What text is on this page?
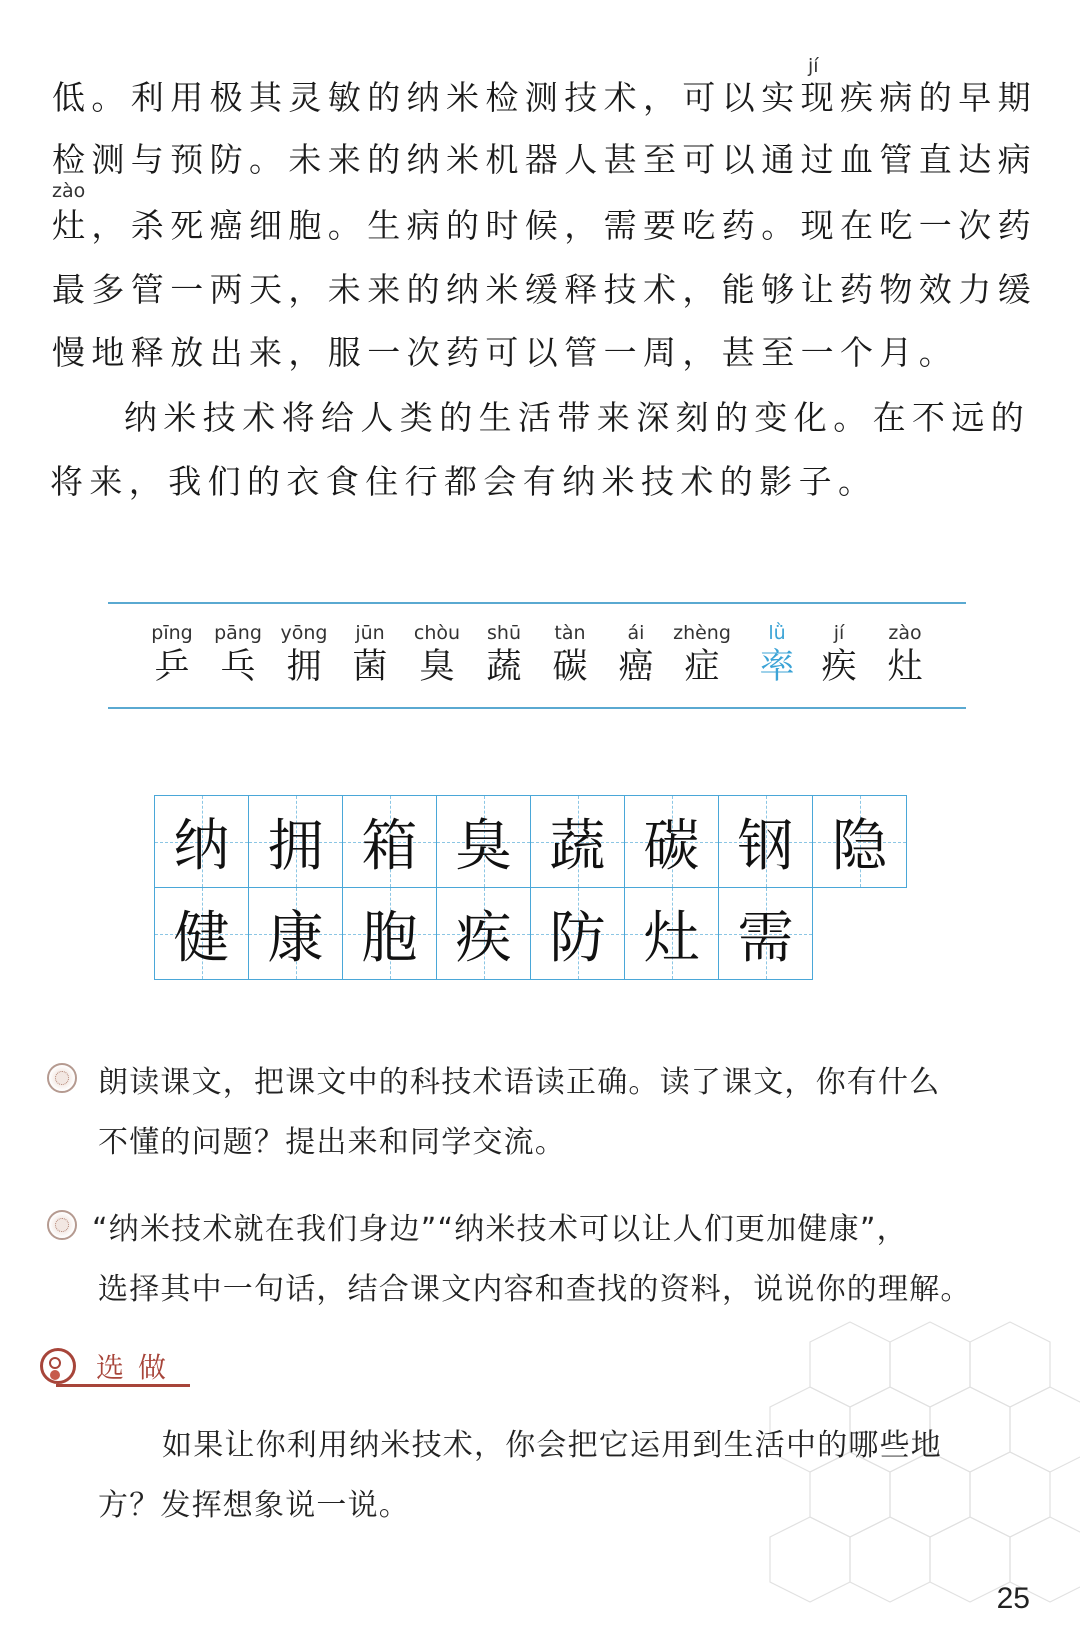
低。利用极其灵敏的纳米检测技术，可以实现疾病的早期
jí
检测与预防。未来的纳米机器人甚至可以通过血管直达病
zào
灶，杀死癌细胞。生病的时候，需要吃药。现在吃一次药
最多管一两天，未来的纳米缓释技术，能够让药物效力缓
慢地释放出来，服一次药可以管一周，甚至一个月。
纳米技术将给人类的生活带来深刻的变化。在不远的
将来，我们的衣食住行都会有纳米技术的影子。
pīng
乒
pāng
乓
yōng
拥
jūn
菌
chòu
臭
shū
蔬
tàn
碳
ái
癌
zhèng
症
lǜ
率
jí
疾
zào
灶
纳 拥 箱 臭 蔬 碳 钢 隐
健 康 胞 疾 防 灶 需
朗读课文，把课文中的科技术语读正确。读了课文，你有什么
不懂的问题？提出来和同学交流。
“纳米技术就在我们身边”“纳米技术可以让人们更加健康”，
选择其中一句话，结合课文内容和查找的资料，说说你的理解。
选做
如果让你利用纳米技术，你会把它运用到生活中的哪些地
方？发挥想象说一说。
25
